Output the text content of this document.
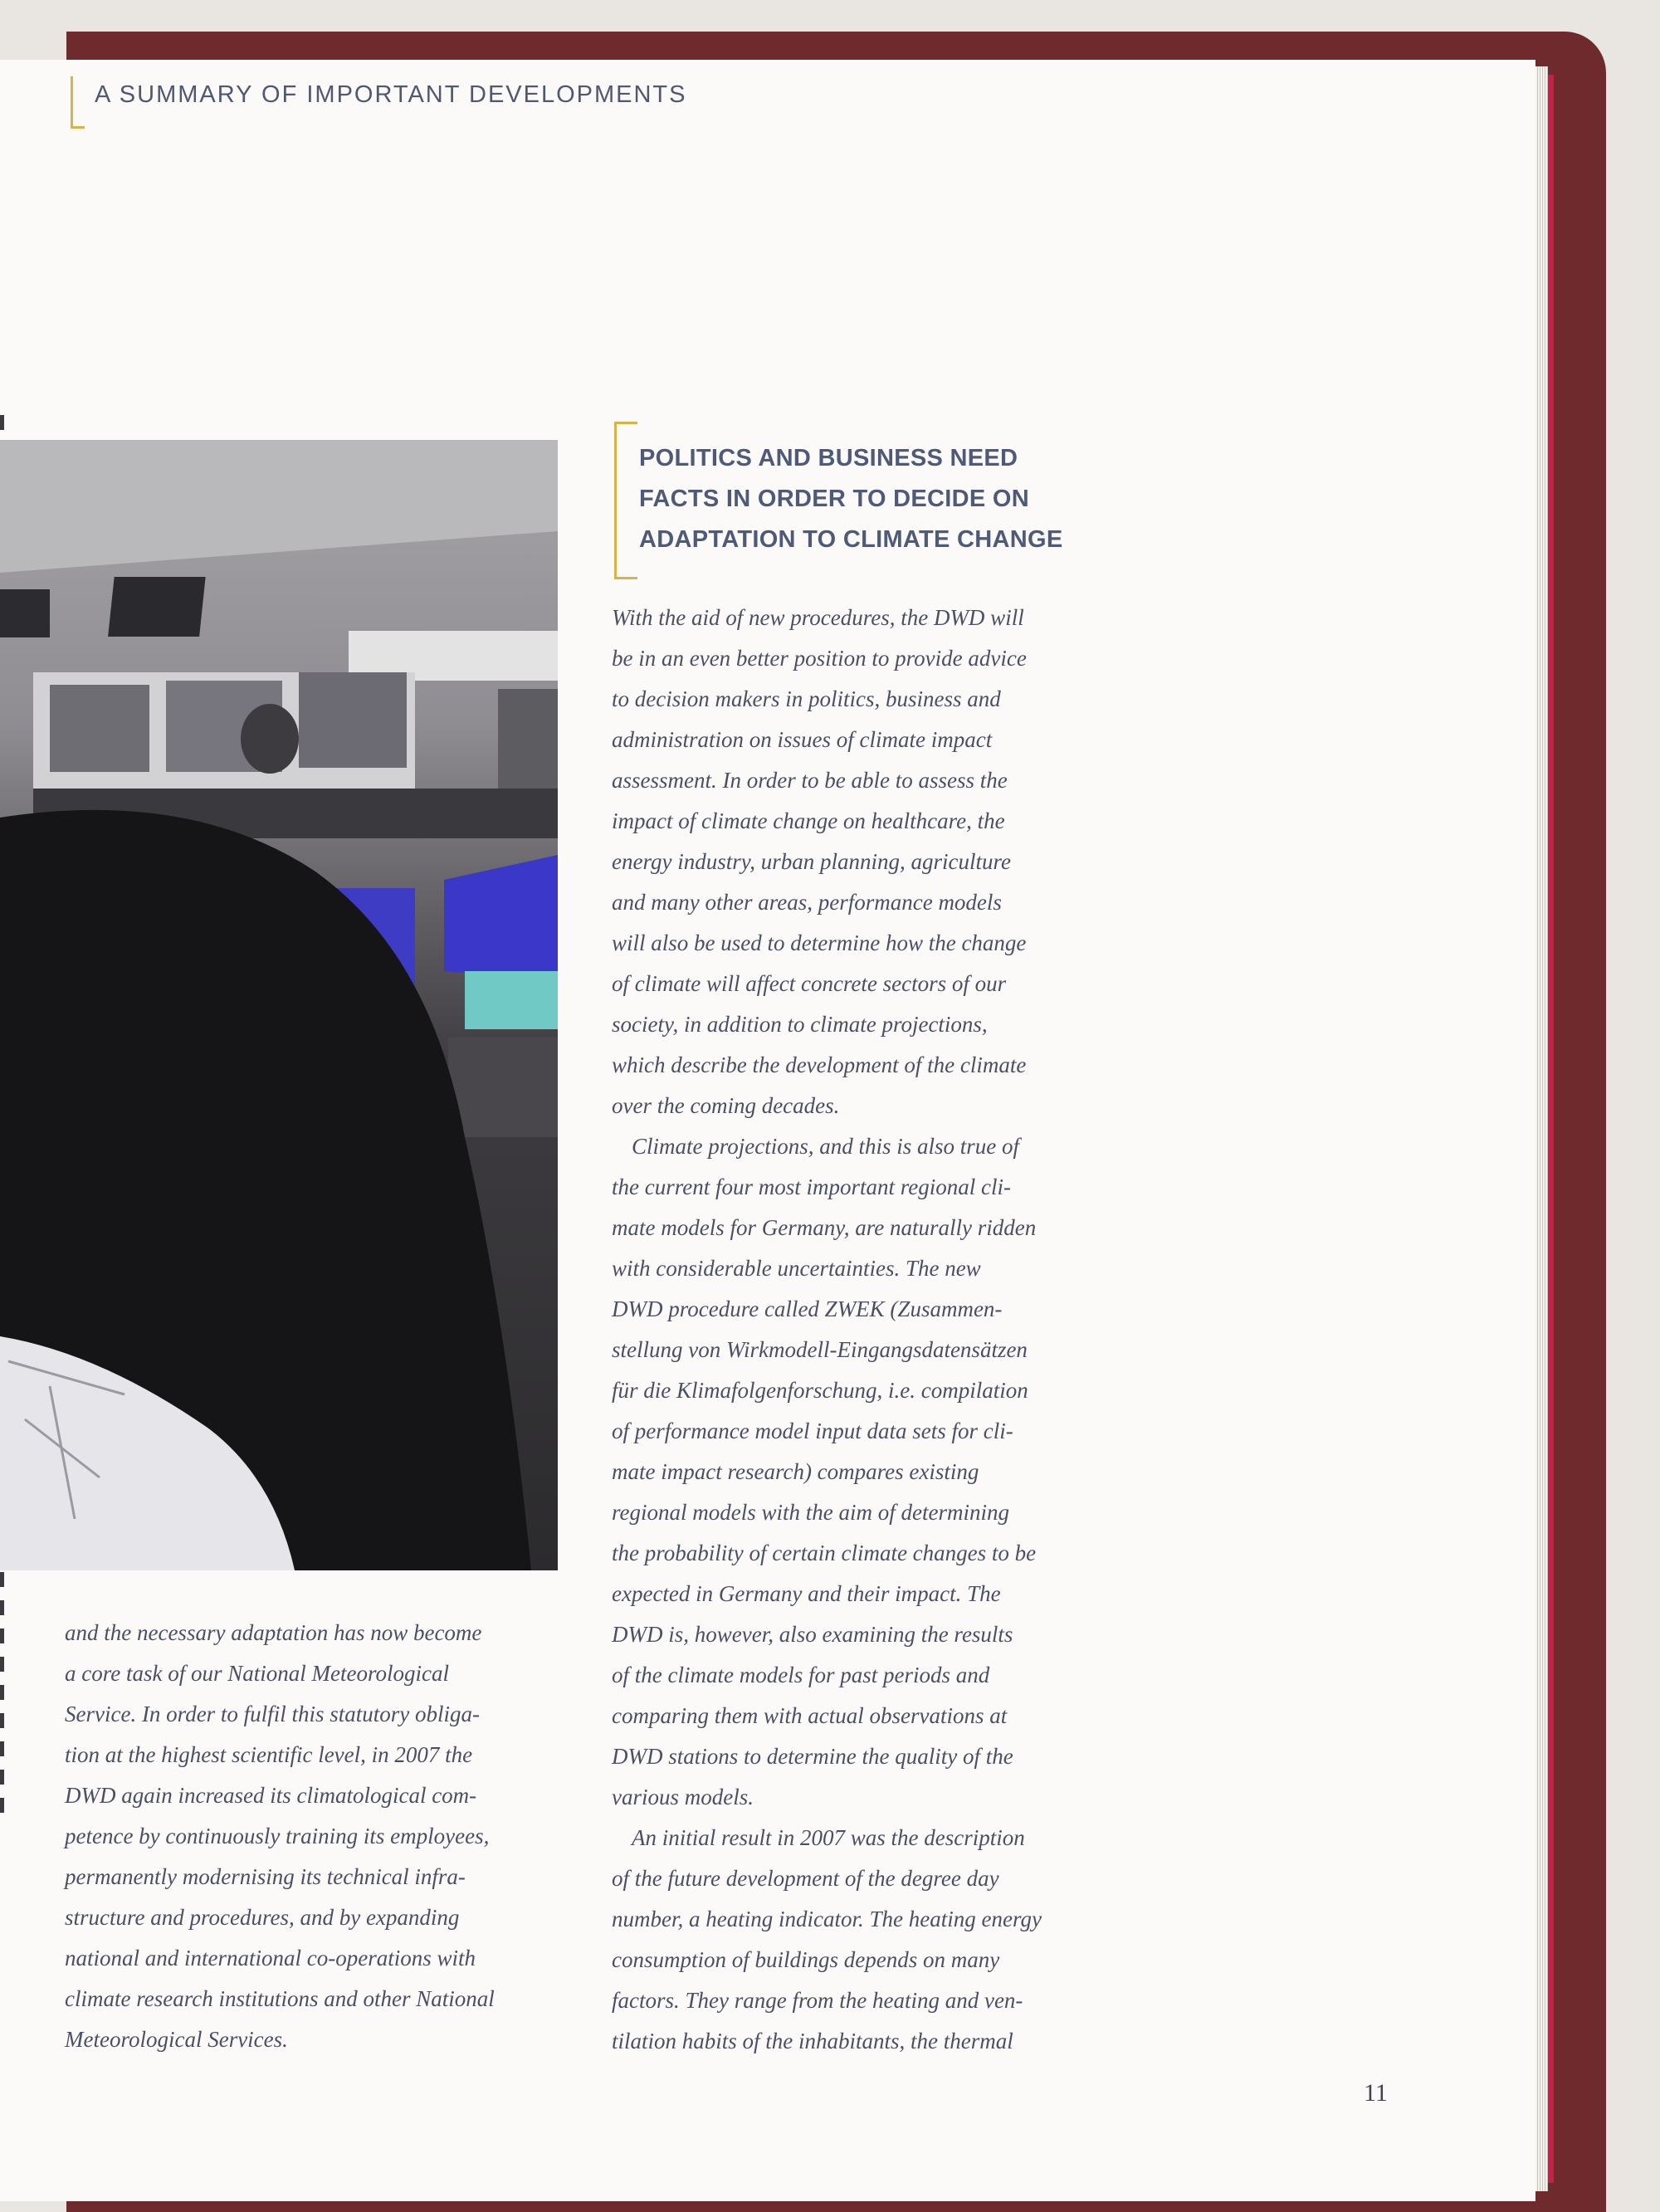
A SUMMARY OF IMPORTANT DEVELOPMENTS
POLITICS AND BUSINESS NEED
FACTS IN ORDER TO DECIDE ON
ADAPTATION TO CLIMATE CHANGE
With the aid of new procedures, the DWD will
be in an even better position to provide advice
to decision makers in politics, business and
administration on issues of climate impact
assessment. In order to be able to assess the
impact of climate change on healthcare, the
energy industry, urban planning, agriculture
and many other areas, performance models
will also be used to determine how the change
of climate will affect concrete sectors of our
society, in addition to climate projections,
which describe the development of the climate
over the coming decades.
Climate projections, and this is also true of
the current four most important regional cli-
mate models for Germany, are naturally ridden
with considerable uncertainties. The new
DWD procedure called ZWEK (Zusammen-
stellung von Wirkmodell-Eingangsdatensätzen
für die Klimafolgenforschung, i.e. compilation
of performance model input data sets for cli-
mate impact research) compares existing
regional models with the aim of determining
the probability of certain climate changes to be
expected in Germany and their impact. The
DWD is, however, also examining the results
of the climate models for past periods and
comparing them with actual observations at
DWD stations to determine the quality of the
various models.
An initial result in 2007 was the description
of the future development of the degree day
number, a heating indicator. The heating energy
consumption of buildings depends on many
factors. They range from the heating and ven-
tilation habits of the inhabitants, the thermal
and the necessary adaptation has now become
a core task of our National Meteorological
Service. In order to fulfil this statutory obliga-
tion at the highest scientific level, in 2007 the
DWD again increased its climatological com-
petence by continuously training its employees,
permanently modernising its technical infra-
structure and procedures, and by expanding
national and international co-operations with
climate research institutions and other National
Meteorological Services.
11
